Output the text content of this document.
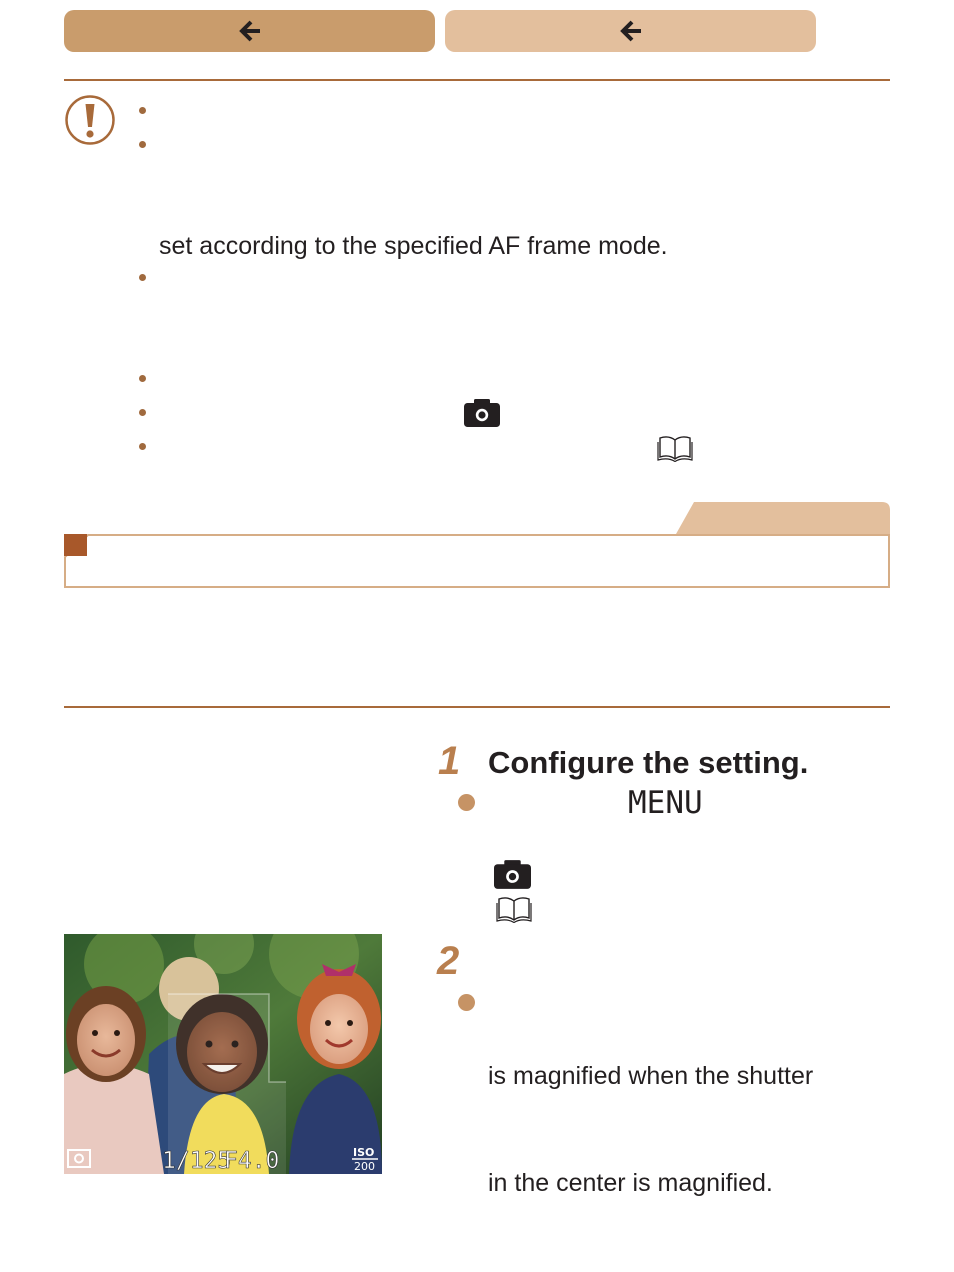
set according to the specified AF frame mode.
1 Configure the setting.
MENU
2
is magnified when the shutter
in the center is magnified.
1/125
F4.0	ISO
200
